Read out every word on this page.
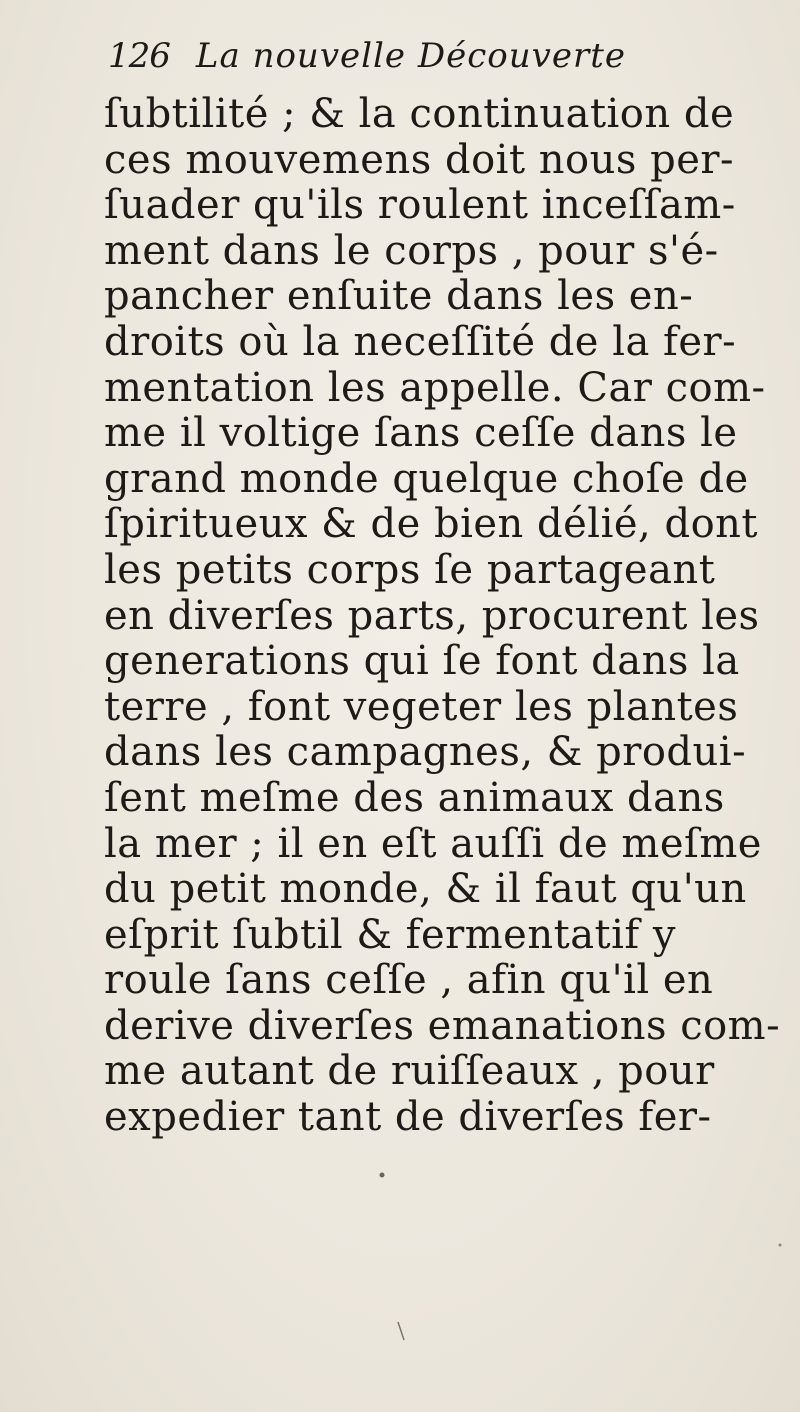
126 La nouvelle Découverte
ſubtilité ; & la continuation de
ces mouvemens doit nous per-
ſuader qu'ils roulent inceſſam-
ment dans le corps , pour s'é-
pancher enſuite dans les en-
droits où la neceſſité de la fer-
mentation les appelle. Car com-
me il voltige ſans ceſſe dans le
grand monde quelque choſe de
ſpiritueux & de bien délié, dont
les petits corps ſe partageant
en diverſes parts, procurent les
generations qui ſe font dans la
terre , font vegeter les plantes
dans les campagnes, & produi-
ſent meſme des animaux dans
la mer ; il en eſt auſſi de meſme
du petit monde, & il faut qu'un
eſprit ſubtil & fermentatif y
roule ſans ceſſe , afin qu'il en
derive diverſes emanations com-
me autant de ruiſſeaux , pour
expedier tant de diverſes fer-
